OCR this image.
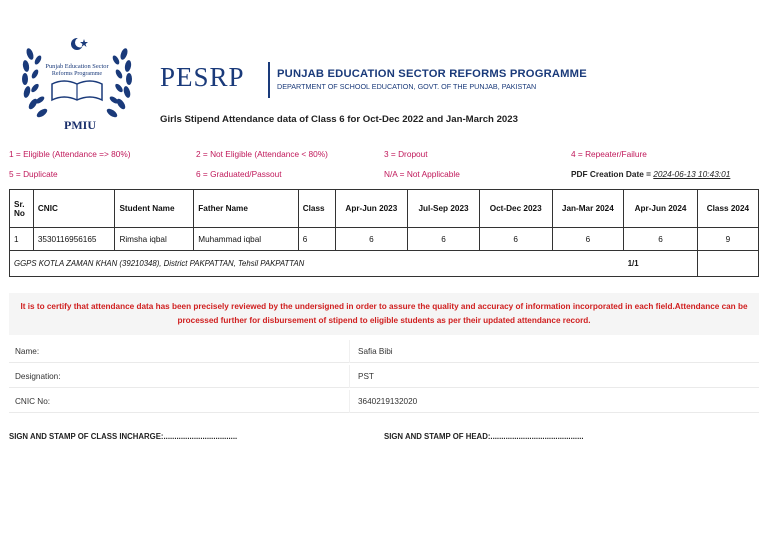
Punjab Education Sector
Reforms Programme
PMIU
PESRP	PUNJAB EDUCATION SECTOR REFORMS PROGRAMME
DEPARTMENT OF SCHOOL EDUCATION, GOVT. OF THE PUNJAB, PAKISTAN
Girls Stipend Attendance data of Class 6 for Oct-Dec 2022 and Jan-March 2023
1 = Eligible (Attendance => 80%)	2 = Not Eligible (Attendance < 80%)	3 = Dropout	4 = Repeater/Failure
5 = Duplicate	6 = Graduated/Passout	N/A = Not Applicable	PDF Creation Date = 2024-06-13 10:43:01
Sr.
No	CNIC	Student Name	Father Name	Class	Apr-Jun 2023	Jul-Sep 2023	Oct-Dec 2023	Jan-Mar 2024	Apr-Jun 2024	Class 2024
1	3530116956165	Rimsha iqbal	Muhammad iqbal	6	6	6	6	6	6	9
GGPS KOTLA ZAMAN KHAN (39210348), District PAKPATTAN, Tehsil PAKPATTAN									1/1	
It is to certify that attendance data has been precisely reviewed by the undersigned in order to assure the quality and accuracy of information incorporated in each field.Attendance can be processed further for disbursement of stipend to eligible students as per their updated attendance record.
Name:	Safia Bibi
Designation:	PST
CNIC No:	3640219132020
SIGN AND STAMP OF CLASS INCHARGE:..................................	SIGN AND STAMP OF HEAD:...........................................
